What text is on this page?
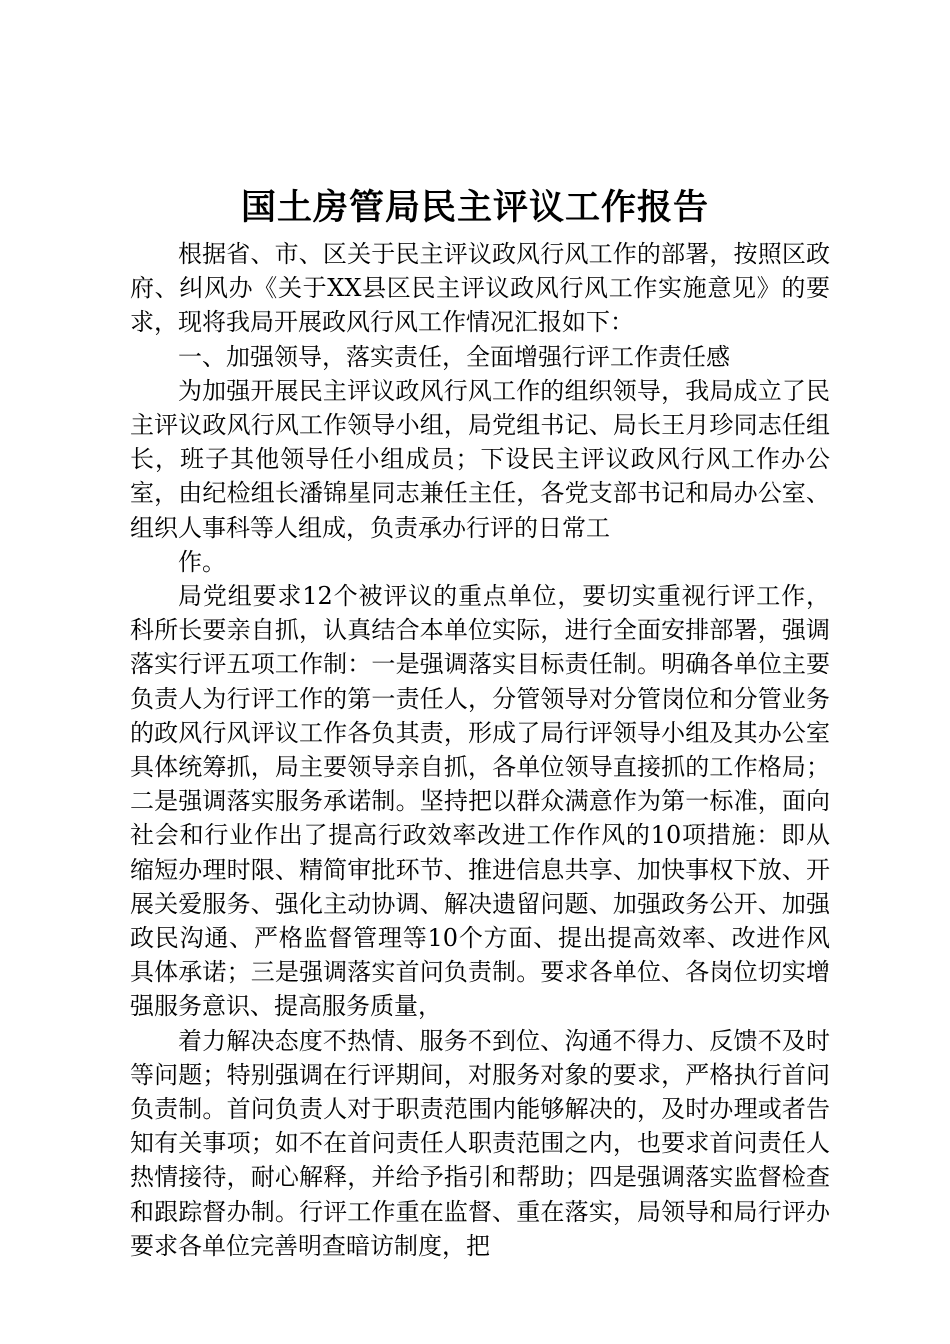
国土房管局民主评议工作报告

根据省、市、区关于民主评议政风行风工作的部署，按照区政府、纠风办《关于XX县区民主评议政风行风工作实施意见》的要求，现将我局开展政风行风工作情况汇报如下：

一、加强领导，落实责任，全面增强行评工作责任感

为加强开展民主评议政风行风工作的组织领导，我局成立了民主评议政风行风工作领导小组，局党组书记、局长王月珍同志任组长，班子其他领导任小组成员；下设民主评议政风行风工作办公室，由纪检组长潘锦星同志兼任主任，各党支部书记和局办公室、组织人事科等人组成，负责承办行评的日常工

作。

局党组要求12个被评议的重点单位，要切实重视行评工作，科所长要亲自抓，认真结合本单位实际，进行全面安排部署，强调落实行评五项工作制：一是强调落实目标责任制。明确各单位主要负责人为行评工作的第一责任人，分管领导对分管岗位和分管业务的政风行风评议工作各负其责，形成了局行评领导小组及其办公室具体统筹抓，局主要领导亲自抓，各单位领导直接抓的工作格局；二是强调落实服务承诺制。坚持把以群众满意作为第一标准，面向社会和行业作出了提高行政效率改进工作作风的10项措施：即从缩短办理时限、精简审批环节、推进信息共享、加快事权下放、开展关爱服务、强化主动协调、解决遗留问题、加强政务公开、加强政民沟通、严格监督管理等10个方面、提出提高效率、改进作风具体承诺；三是强调落实首问负责制。要求各单位、各岗位切实增强服务意识、提高服务质量，

着力解决态度不热情、服务不到位、沟通不得力、反馈不及时等问题；特别强调在行评期间，对服务对象的要求，严格执行首问负责制。首问负责人对于职责范围内能够解决的，及时办理或者告知有关事项；如不在首问责任人职责范围之内，也要求首问责任人热情接待，耐心解释，并给予指引和帮助；四是强调落实监督检查和跟踪督办制。行评工作重在监督、重在落实，局领导和局行评办要求各单位完善明查暗访制度，把
